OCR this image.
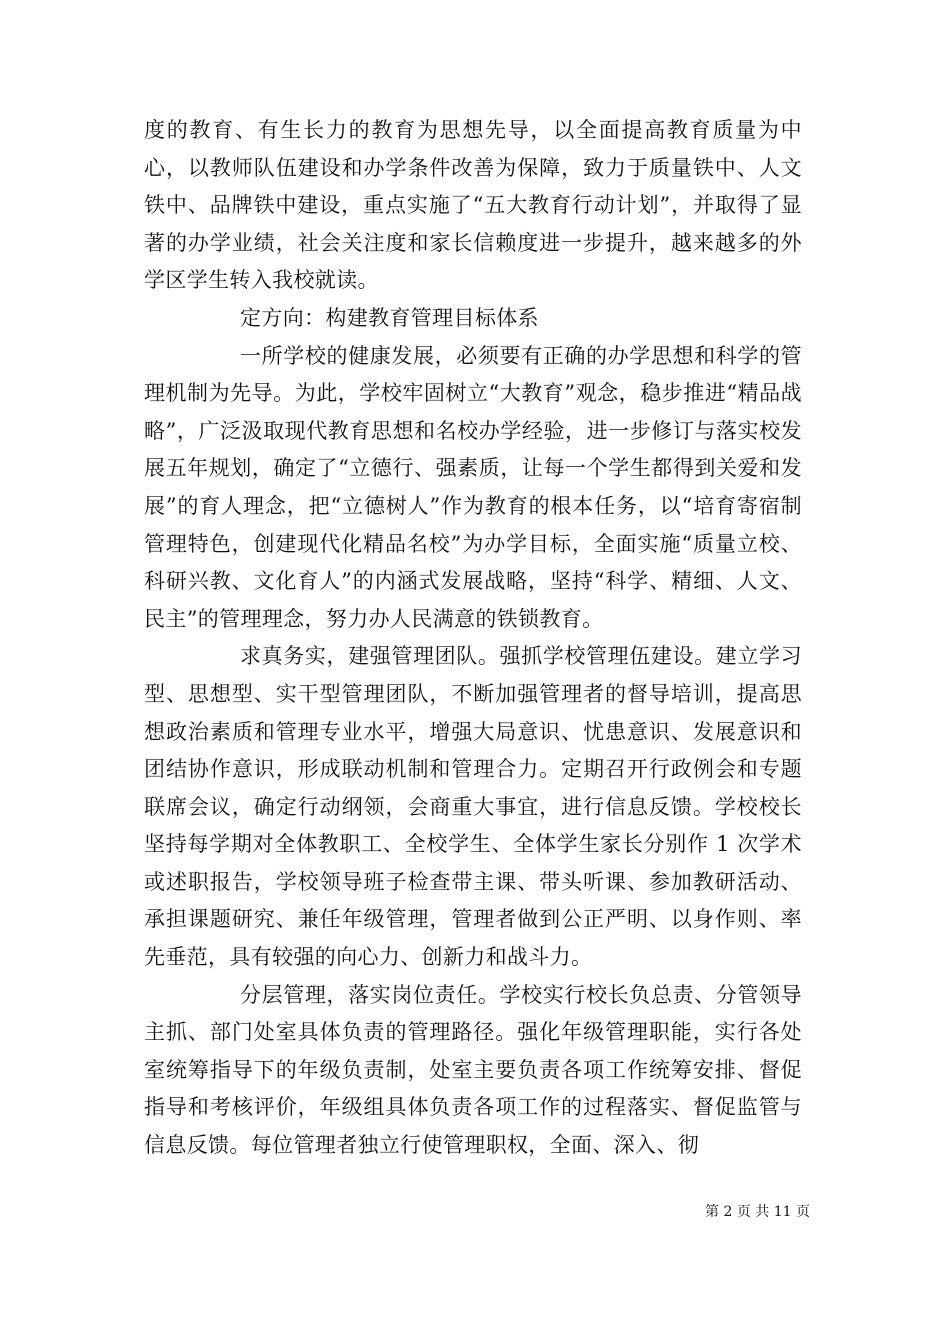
度的教育、有生长力的教育为思想先导，以全面提高教育质量为中心，以教师队伍建设和办学条件改善为保障，致力于质量铁中、人文铁中、品牌铁中建设，重点实施了“五大教育行动计划”，并取得了显著的办学业绩，社会关注度和家长信赖度进一步提升，越来越多的外学区学生转入我校就读。

定方向：构建教育管理目标体系

一所学校的健康发展，必须要有正确的办学思想和科学的管理机制为先导。为此，学校牢固树立“大教育”观念，稳步推进“精品战略”，广泛汲取现代教育思想和名校办学经验，进一步修订与落实校发展五年规划，确定了“立德行、强素质，让每一个学生都得到关爱和发展”的育人理念，把“立德树人”作为教育的根本任务，以“培育寄宿制管理特色，创建现代化精品名校”为办学目标，全面实施“质量立校、科研兴教、文化育人”的内涵式发展战略，坚持“科学、精细、人文、民主”的管理理念，努力办人民满意的铁锁教育。

求真务实，建强管理团队。强抓学校管理伍建设。建立学习型、思想型、实干型管理团队，不断加强管理者的督导培训，提高思想政治素质和管理专业水平，增强大局意识、忧患意识、发展意识和团结协作意识，形成联动机制和管理合力。定期召开行政例会和专题联席会议，确定行动纲领，会商重大事宜，进行信息反馈。学校校长坚持每学期对全体教职工、全校学生、全体学生家长分别作 1 次学术或述职报告，学校领导班子检查带主课、带头听课、参加教研活动、承担课题研究、兼任年级管理，管理者做到公正严明、以身作则、率先垂范，具有较强的向心力、创新力和战斗力。

分层管理，落实岗位责任。学校实行校长负总责、分管领导主抓、部门处室具体负责的管理路径。强化年级管理职能，实行各处室统筹指导下的年级负责制，处室主要负责各项工作统筹安排、督促指导和考核评价，年级组具体负责各项工作的过程落实、督促监管与信息反馈。每位管理者独立行使管理职权，全面、深入、彻

第 2 页 共 11 页
